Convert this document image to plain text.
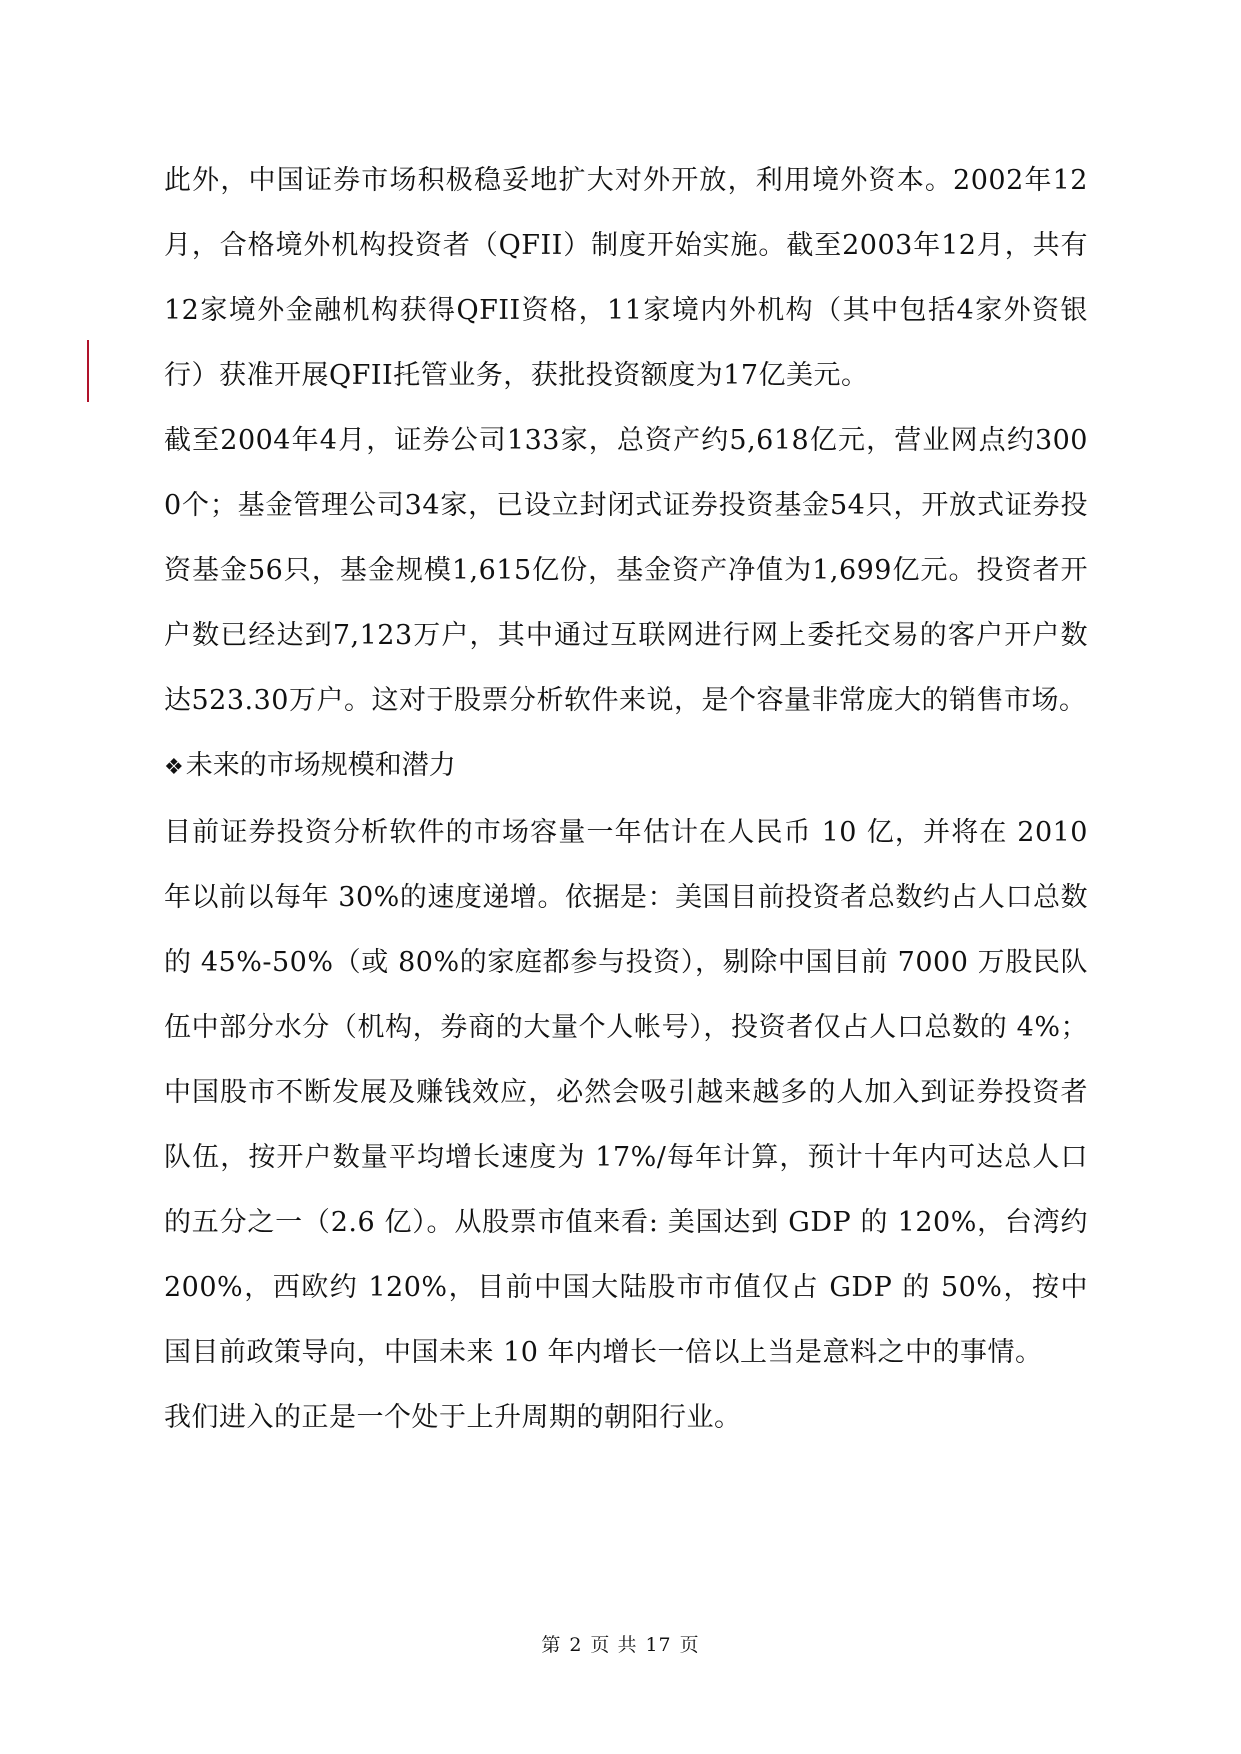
此外，中国证券市场积极稳妥地扩大对外开放，利用境外资本。2002年12月，合格境外机构投资者（QFII）制度开始实施。截至2003年12月，共有12家境外金融机构获得QFII资格，11家境内外机构（其中包括4家外资银行）获准开展QFII托管业务，获批投资额度为17亿美元。

截至2004年4月，证券公司133家，总资产约5,618亿元，营业网点约3000个；基金管理公司34家，已设立封闭式证券投资基金54只，开放式证券投资基金56只，基金规模1,615亿份，基金资产净值为1,699亿元。投资者开户数已经达到7,123万户，其中通过互联网进行网上委托交易的客户开户数达523.30万户。这对于股票分析软件来说，是个容量非常庞大的销售市场。

❖未来的市场规模和潜力

目前证券投资分析软件的市场容量一年估计在人民币 10 亿，并将在 2010 年以前以每年 30%的速度递增。依据是：美国目前投资者总数约占人口总数的 45%-50%（或 80%的家庭都参与投资），剔除中国目前 7000 万股民队伍中部分水分（机构，券商的大量个人帐号），投资者仅占人口总数的 4%；中国股市不断发展及赚钱效应，必然会吸引越来越多的人加入到证券投资者队伍，按开户数量平均增长速度为 17%/每年计算，预计十年内可达总人口的五分之一（2.6 亿）。从股票市值来看: 美国达到 GDP 的 120%，台湾约 200%，西欧约 120%，目前中国大陆股市市值仅占 GDP 的 50%，按中国目前政策导向，中国未来 10 年内增长一倍以上当是意料之中的事情。

我们进入的正是一个处于上升周期的朝阳行业。

第 2 页 共 17 页
